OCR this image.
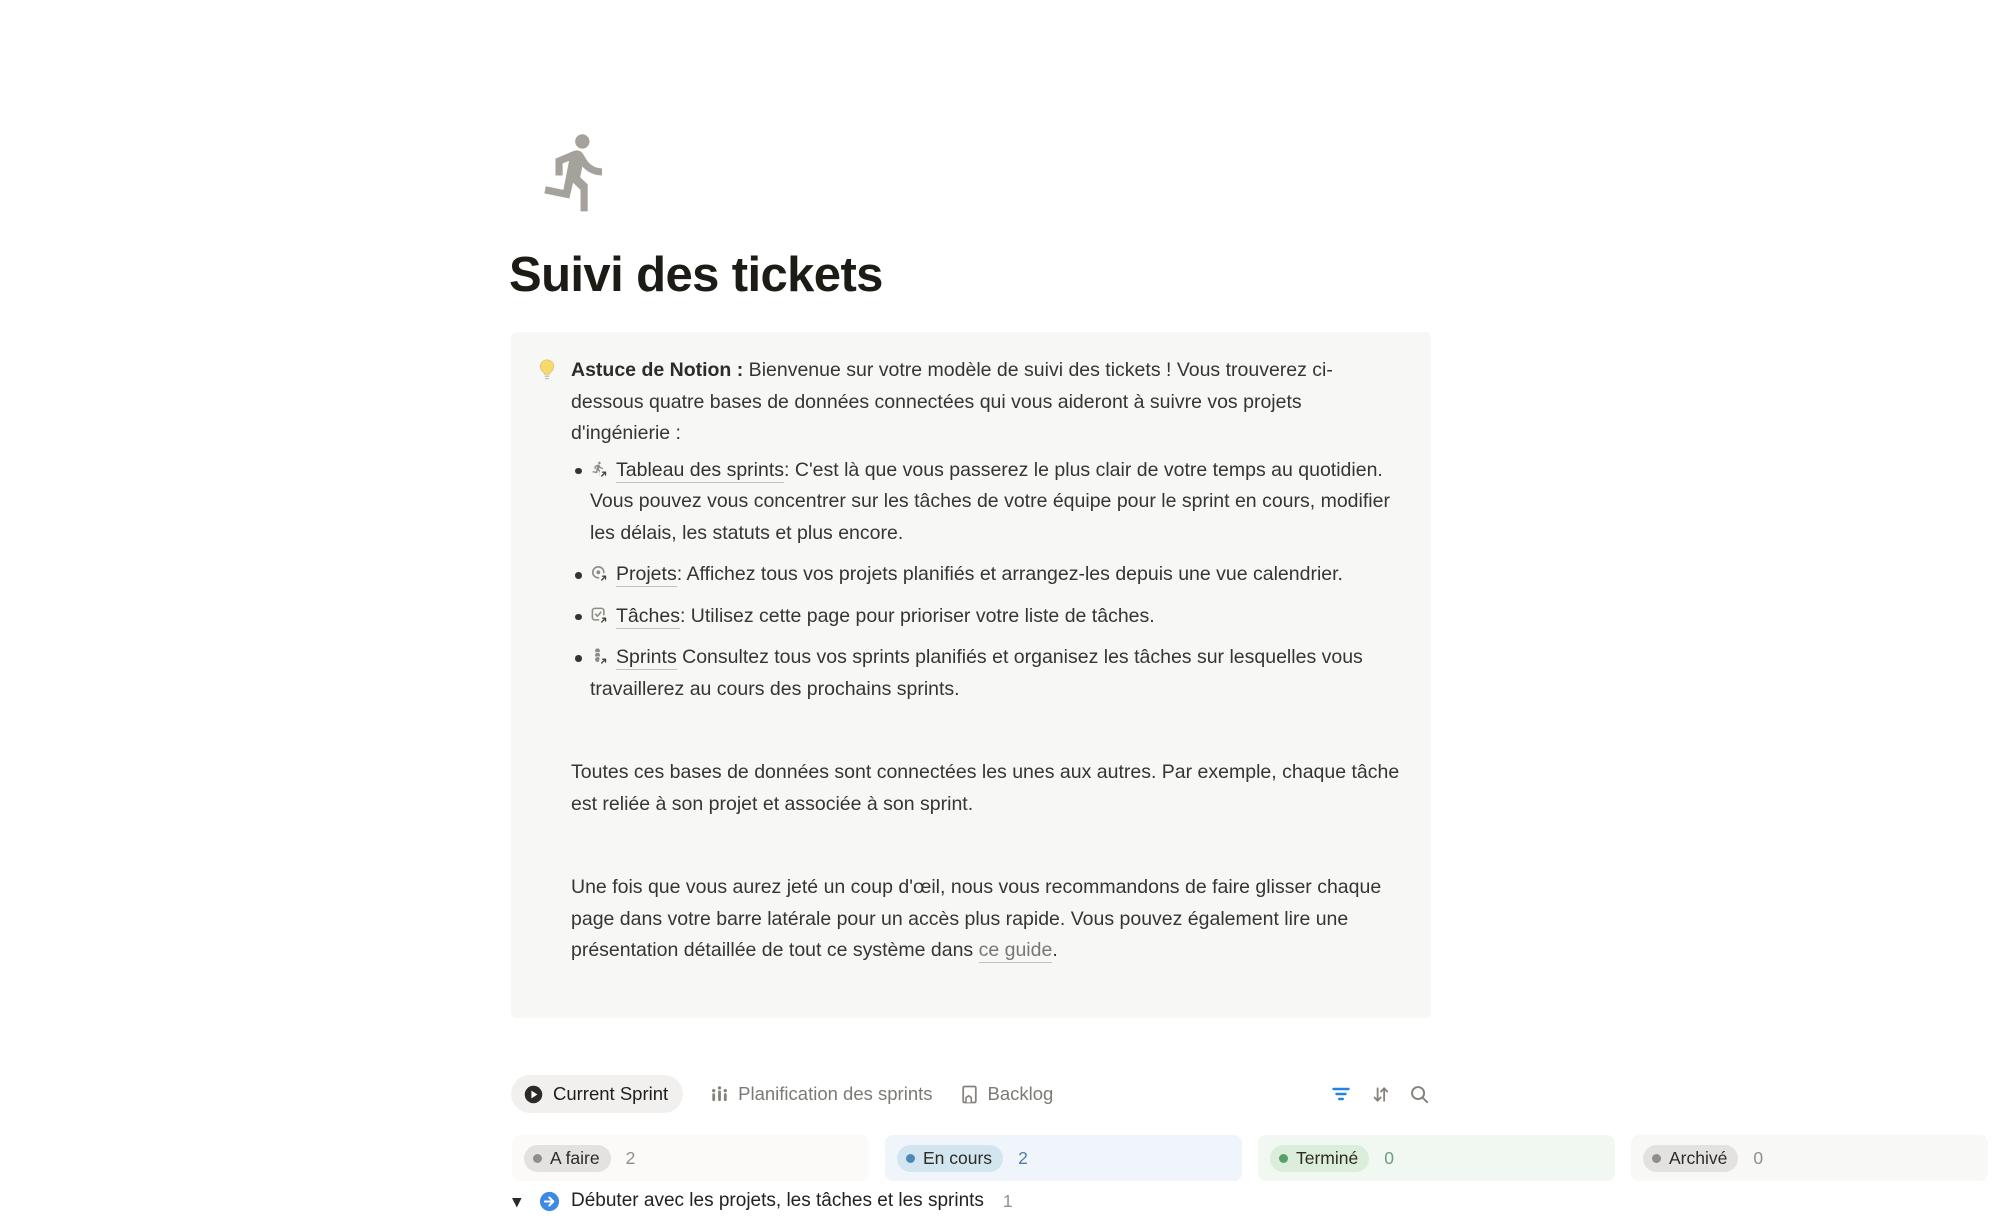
Suivi des tickets

Astuce de Notion : Bienvenue sur votre modèle de suivi des tickets ! Vous trouverez ci-dessous quatre bases de données connectées qui vous aideront à suivre vos projets d'ingénierie :

Tableau des sprints: C'est là que vous passerez le plus clair de votre temps au quotidien. Vous pouvez vous concentrer sur les tâches de votre équipe pour le sprint en cours, modifier les délais, les statuts et plus encore.
Projets: Affichez tous vos projets planifiés et arrangez-les depuis une vue calendrier.
Tâches: Utilisez cette page pour prioriser votre liste de tâches.
Sprints Consultez tous vos sprints planifiés et organisez les tâches sur lesquelles vous travaillerez au cours des prochains sprints.

Toutes ces bases de données sont connectées les unes aux autres. Par exemple, chaque tâche est reliée à son projet et associée à son sprint.

Une fois que vous aurez jeté un coup d'œil, nous vous recommandons de faire glisser chaque page dans votre barre latérale pour un accès plus rapide. Vous pouvez également lire une présentation détaillée de tout ce système dans ce guide.

Current Sprint	Planification des sprints	Backlog
A faire 2	En cours 2	Terminé 0	Archivé 0
▼	Débuter avec les projets, les tâches et les sprints 1
